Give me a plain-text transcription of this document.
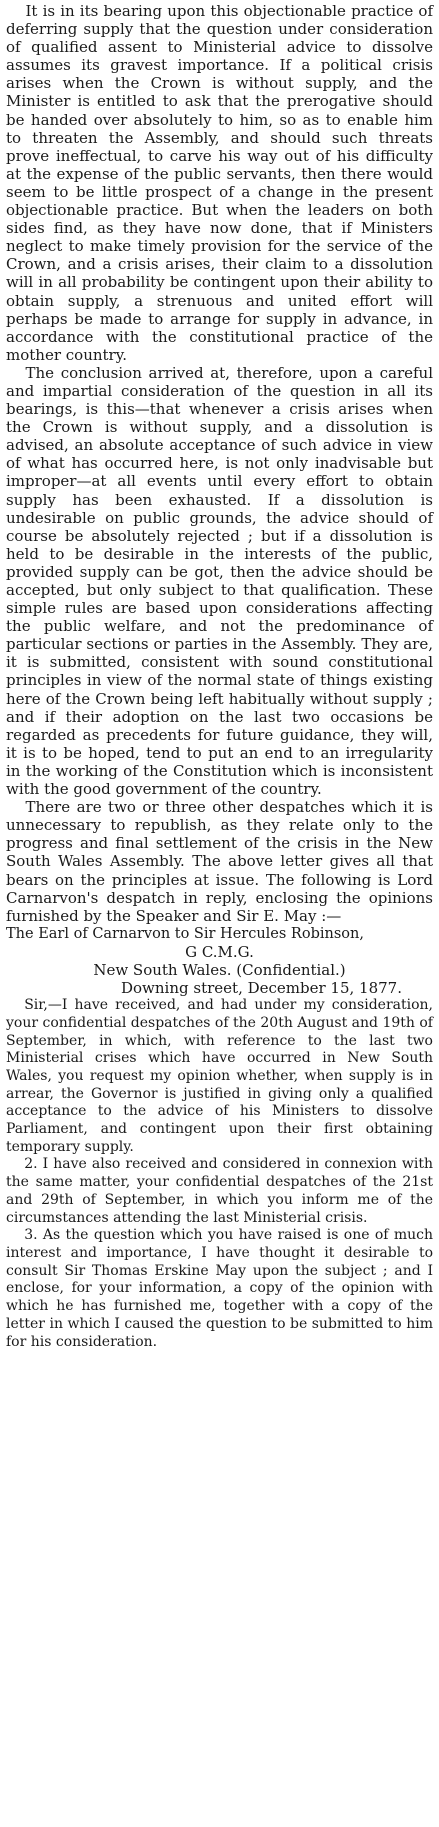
It is in its bearing upon this objectionable practice of deferring supply that the question under consideration of qualified assent to Ministerial advice to dissolve assumes its gravest importance. If a political crisis arises when the Crown is without supply, and the Minister is entitled to ask that the prerogative should be handed over absolutely to him, so as to enable him to threaten the Assembly, and should such threats prove ineffectual, to carve his way out of his difficulty at the expense of the public servants, then there would seem to be little prospect of a change in the present objectionable practice. But when the leaders on both sides find, as they have now done, that if Ministers neglect to make timely provision for the service of the Crown, and a crisis arises, their claim to a dissolution will in all probability be contingent upon their ability to obtain supply, a strenuous and united effort will perhaps be made to arrange for supply in advance, in accordance with the constitutional practice of the mother country.

The conclusion arrived at, therefore, upon a careful and impartial consideration of the question in all its bearings, is this—that whenever a crisis arises when the Crown is without supply, and a dissolution is advised, an absolute acceptance of such advice in view of what has occurred here, is not only inadvisable but improper—at all events until every effort to obtain supply has been exhausted. If a dissolution is undesirable on public grounds, the advice should of course be absolutely rejected ; but if a dissolution is held to be desirable in the interests of the public, provided supply can be got, then the advice should be accepted, but only subject to that qualification. These simple rules are based upon considerations affecting the public welfare, and not the predominance of particular sections or parties in the Assembly. They are, it is submitted, consistent with sound constitutional principles in view of the normal state of things existing here of the Crown being left habitually without supply ; and if their adoption on the last two occasions be regarded as precedents for future guidance, they will, it is to be hoped, tend to put an end to an irregularity in the working of the Constitution which is inconsistent with the good government of the country.

There are two or three other despatches which it is unnecessary to republish, as they relate only to the progress and final settlement of the crisis in the New South Wales Assembly. The above letter gives all that bears on the principles at issue. The following is Lord Carnarvon's despatch in reply, enclosing the opinions furnished by the Speaker and Sir E. May :—

The Earl of Carnarvon to Sir Hercules Robinson,

G C.M.G.

New South Wales. (Confidential.)

Downing street, December 15, 1877.

Sir,—I have received, and had under my consideration, your confidential despatches of the 20th August and 19th of September, in which, with reference to the last two Ministerial crises which have occurred in New South Wales, you request my opinion whether, when supply is in arrear, the Governor is justified in giving only a qualified acceptance to the advice of his Ministers to dissolve Parliament, and contingent upon their first obtaining temporary supply.

2. I have also received and considered in connexion with the same matter, your confidential despatches of the 21st and 29th of September, in which you inform me of the circumstances attending the last Ministerial crisis.

3. As the question which you have raised is one of much interest and importance, I have thought it desirable to consult Sir Thomas Erskine May upon the subject ; and I enclose, for your information, a copy of the opinion with which he has furnished me, together with a copy of the letter in which I caused the question to be submitted to him for his consideration.
